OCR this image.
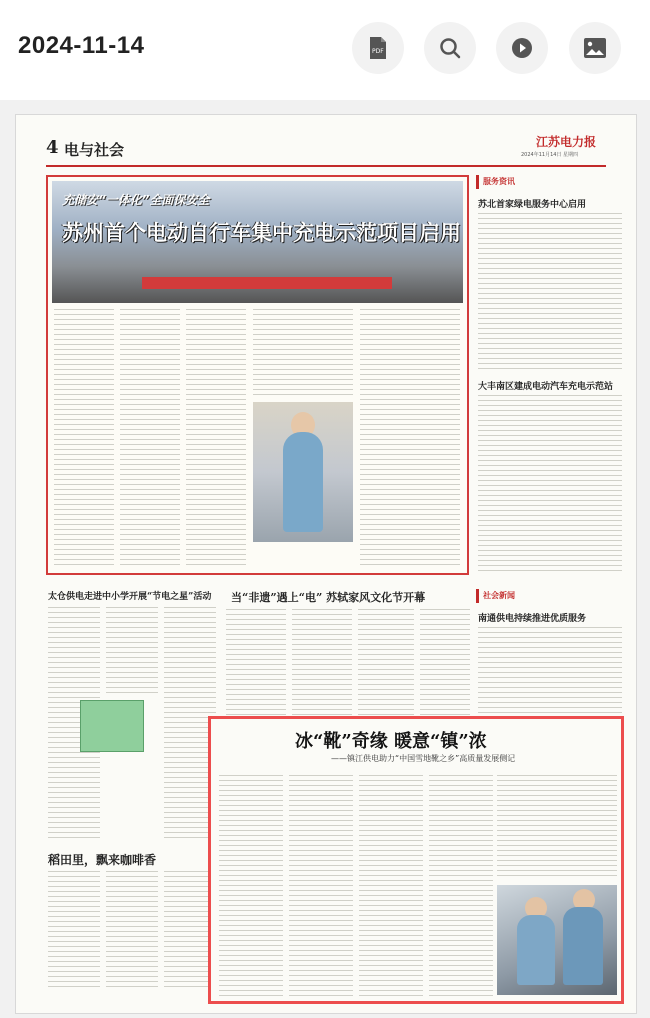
2024-11-14	PDF
4 电与社会	江苏电力报
2024年11月14日 星期四
充储安“一体化”全面保安全
苏州首个电动自行车集中充电示范项目启用
服务资讯
苏北首家绿电服务中心启用
大丰南区建成电动汽车充电示范站
社会新闻
南通供电持续推进优质服务
太仓供电走进中小学开展“节电之星”活动 当“非遗”遇上“电” 苏轼家风文化节开幕
稻田里，飘来咖啡香
冰“靴”奇缘 暖意“镇”浓
——镇江供电助力“中国雪地靴之乡”高质量发展侧记
